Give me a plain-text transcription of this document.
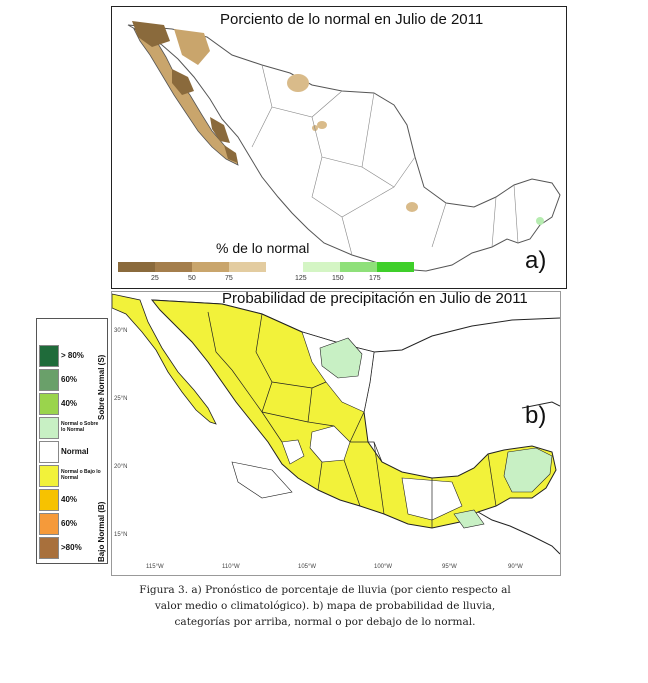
Porciento de lo normal en Julio de 2011
a)
% de lo normal
25	50	75	125	150	175
Probabilidad de precipitación en Julio de 2011
b)
30°N
25°N
20°N
15°N
115°W	110°W	105°W	100°W	95°W	90°W
> 80%
60%
40%
Normal o Sobre lo Normal
Normal
Normal o Bajo lo Normal
40%
60%
>80%
Sobre Normal (S)
Bajo Normal (B)
Figura 3. a) Pronóstico de porcentaje de lluvia (por ciento respecto al
valor medio o climatológico). b) mapa de probabilidad de lluvia,
categorías por arriba, normal o por debajo de lo normal.
